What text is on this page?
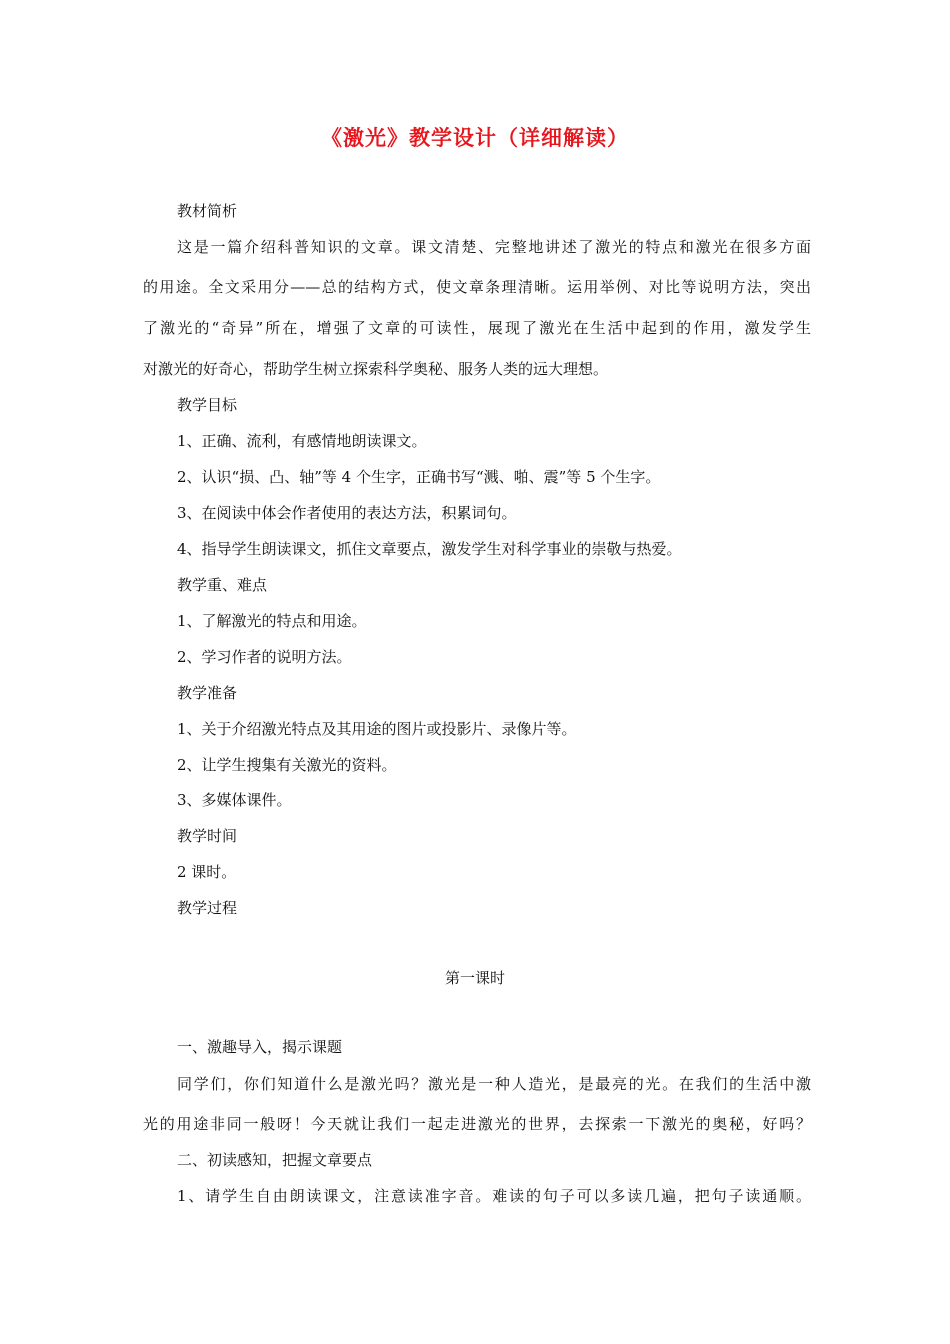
《激光》教学设计（详细解读）
教材简析
这是一篇介绍科普知识的文章。课文清楚、完整地讲述了激光的特点和激光在很多方面
的用途。全文采用分——总的结构方式，使文章条理清晰。运用举例、对比等说明方法，突出
了激光的“奇异”所在，增强了文章的可读性，展现了激光在生活中起到的作用，激发学生
对激光的好奇心，帮助学生树立探索科学奥秘、服务人类的远大理想。
教学目标
1、正确、流利，有感情地朗读课文。
2、认识“损、凸、轴”等 4 个生字，正确书写“溅、啪、震”等 5 个生字。
3、在阅读中体会作者使用的表达方法，积累词句。
4、指导学生朗读课文，抓住文章要点，激发学生对科学事业的崇敬与热爱。
教学重、难点
1、了解激光的特点和用途。
2、学习作者的说明方法。
教学准备
1、关于介绍激光特点及其用途的图片或投影片、录像片等。
2、让学生搜集有关激光的资料。
3、多媒体课件。
教学时间
2 课时。
教学过程
第一课时
一、激趣导入，揭示课题
同学们，你们知道什么是激光吗？激光是一种人造光，是最亮的光。在我们的生活中激
光的用途非同一般呀！今天就让我们一起走进激光的世界，去探索一下激光的奥秘，好吗？
二、初读感知，把握文章要点
1、请学生自由朗读课文，注意读准字音。难读的句子可以多读几遍，把句子读通顺。
